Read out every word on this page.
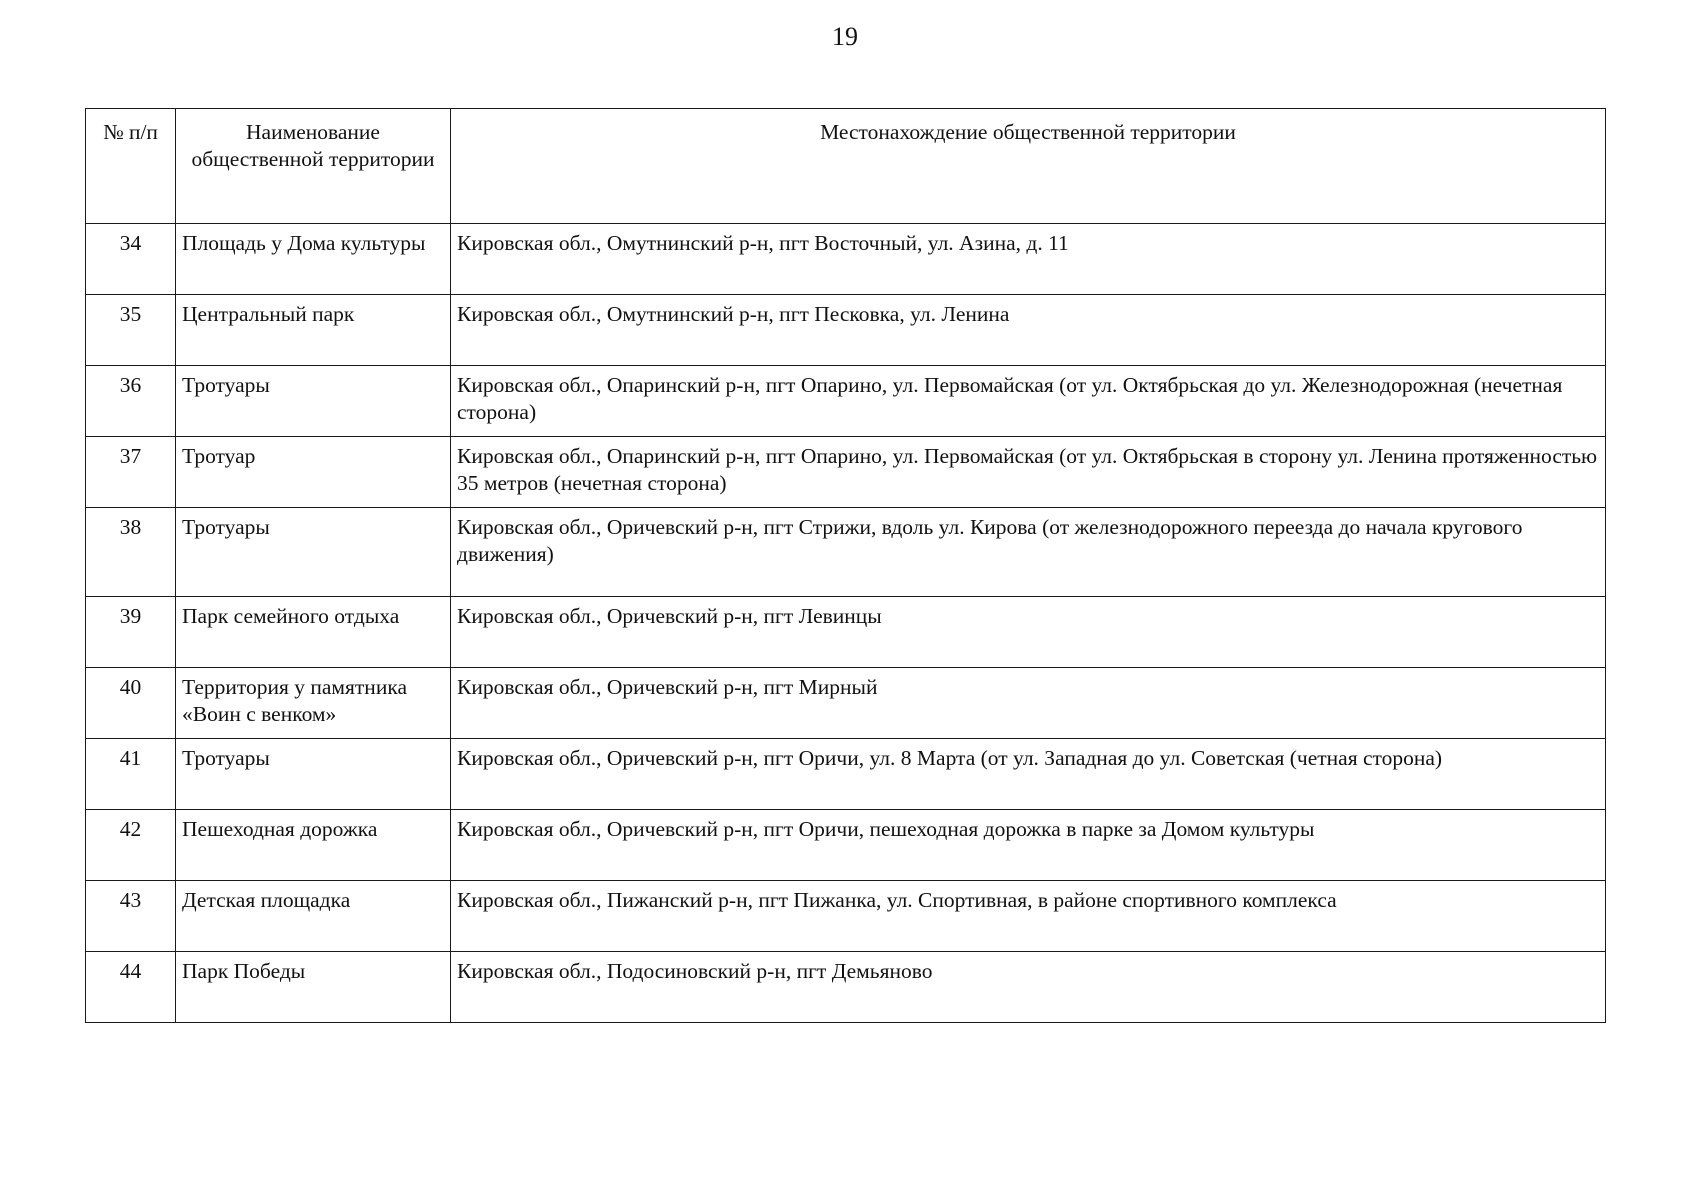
19
№ п/п	Наименование общественной территории	Местонахождение общественной территории
34	Площадь у Дома культуры	Кировская обл., Омутнинский р-н, пгт Восточный, ул. Азина, д. 11
35	Центральный парк	Кировская обл., Омутнинский р-н, пгт Песковка, ул. Ленина
36	Тротуары	Кировская обл., Опаринский р-н, пгт Опарино, ул. Первомайская (от ул. Октябрьская до ул. Железнодорожная (нечетная сторона)
37	Тротуар	Кировская обл., Опаринский р-н, пгт Опарино, ул. Первомайская (от ул. Октябрьская в сторону ул. Ленина протяженностью 35 метров (нечетная сторона)
38	Тротуары	Кировская обл., Оричевский р-н, пгт Стрижи, вдоль ул. Кирова (от железнодорожного переезда до начала кругового движения)
39	Парк семейного отдыха	Кировская обл., Оричевский р-н, пгт Левинцы
40	Территория у памятника «Воин с венком»	Кировская обл., Оричевский р-н, пгт Мирный
41	Тротуары	Кировская обл., Оричевский р-н, пгт Оричи, ул. 8 Марта (от ул. Западная до ул. Советская (четная сторона)
42	Пешеходная дорожка	Кировская обл., Оричевский р-н, пгт Оричи, пешеходная дорожка в парке за Домом культуры
43	Детская площадка	Кировская обл., Пижанский р-н, пгт Пижанка, ул. Спортивная, в районе спортивного комплекса
44	Парк Победы	Кировская обл., Подосиновский р-н, пгт Демьяново
